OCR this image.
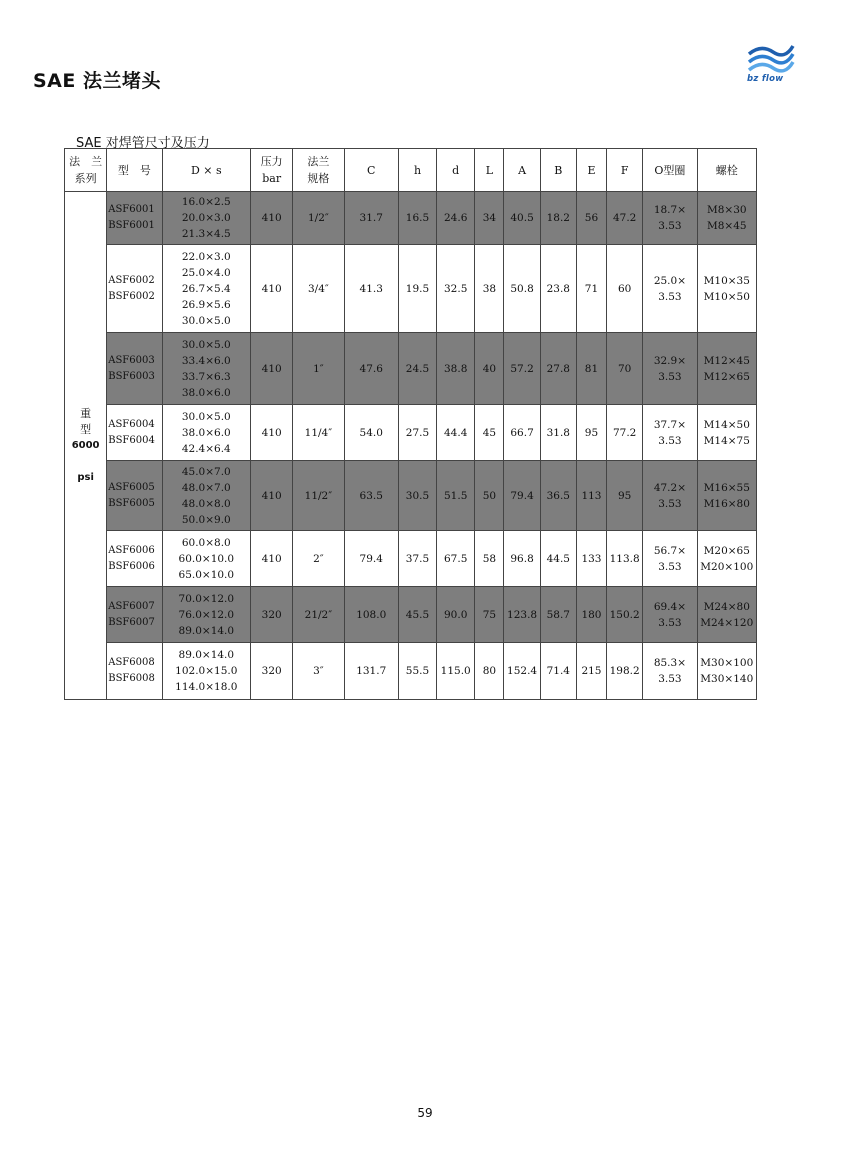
SAE 法兰堵头	bz flow
SAE 对焊管尺寸及压力
法　兰
系列	型　号	D × s	压力
bar	法兰
规格	C	h	d	L	A	B	E	F	O型圈	螺栓

重
型
6000

psi	ASF6001
BSF6001	16.0×2.5
20.0×3.0
21.3×4.5	410	1/2″	31.7	16.5	24.6	34	40.5	18.2	56	47.2	18.7×
3.53	M8×30
M8×45

	ASF6002
BSF6002	22.0×3.0
25.0×4.0
26.7×5.4
26.9×5.6
30.0×5.0	410	3/4″	41.3	19.5	32.5	38	50.8	23.8	71	60	25.0×
3.53	M10×35
M10×50

	ASF6003
BSF6003	30.0×5.0
33.4×6.0
33.7×6.3
38.0×6.0	410	1″	47.6	24.5	38.8	40	57.2	27.8	81	70	32.9×
3.53	M12×45
M12×65

	ASF6004
BSF6004	30.0×5.0
38.0×6.0
42.4×6.4	410	11/4″	54.0	27.5	44.4	45	66.7	31.8	95	77.2	37.7×
3.53	M14×50
M14×75

	ASF6005
BSF6005	45.0×7.0
48.0×7.0
48.0×8.0
50.0×9.0	410	11/2″	63.5	30.5	51.5	50	79.4	36.5	113	95	47.2×
3.53	M16×55
M16×80

	ASF6006
BSF6006	60.0×8.0
60.0×10.0
65.0×10.0	410	2″	79.4	37.5	67.5	58	96.8	44.5	133	113.8	56.7×
3.53	M20×65
M20×100

	ASF6007
BSF6007	70.0×12.0
76.0×12.0
89.0×14.0	320	21/2″	108.0	45.5	90.0	75	123.8	58.7	180	150.2	69.4×
3.53	M24×80
M24×120

	ASF6008
BSF6008	89.0×14.0
102.0×15.0
114.0×18.0	320	3″	131.7	55.5	115.0	80	152.4	71.4	215	198.2	85.3×
3.53	M30×100
M30×140
59
